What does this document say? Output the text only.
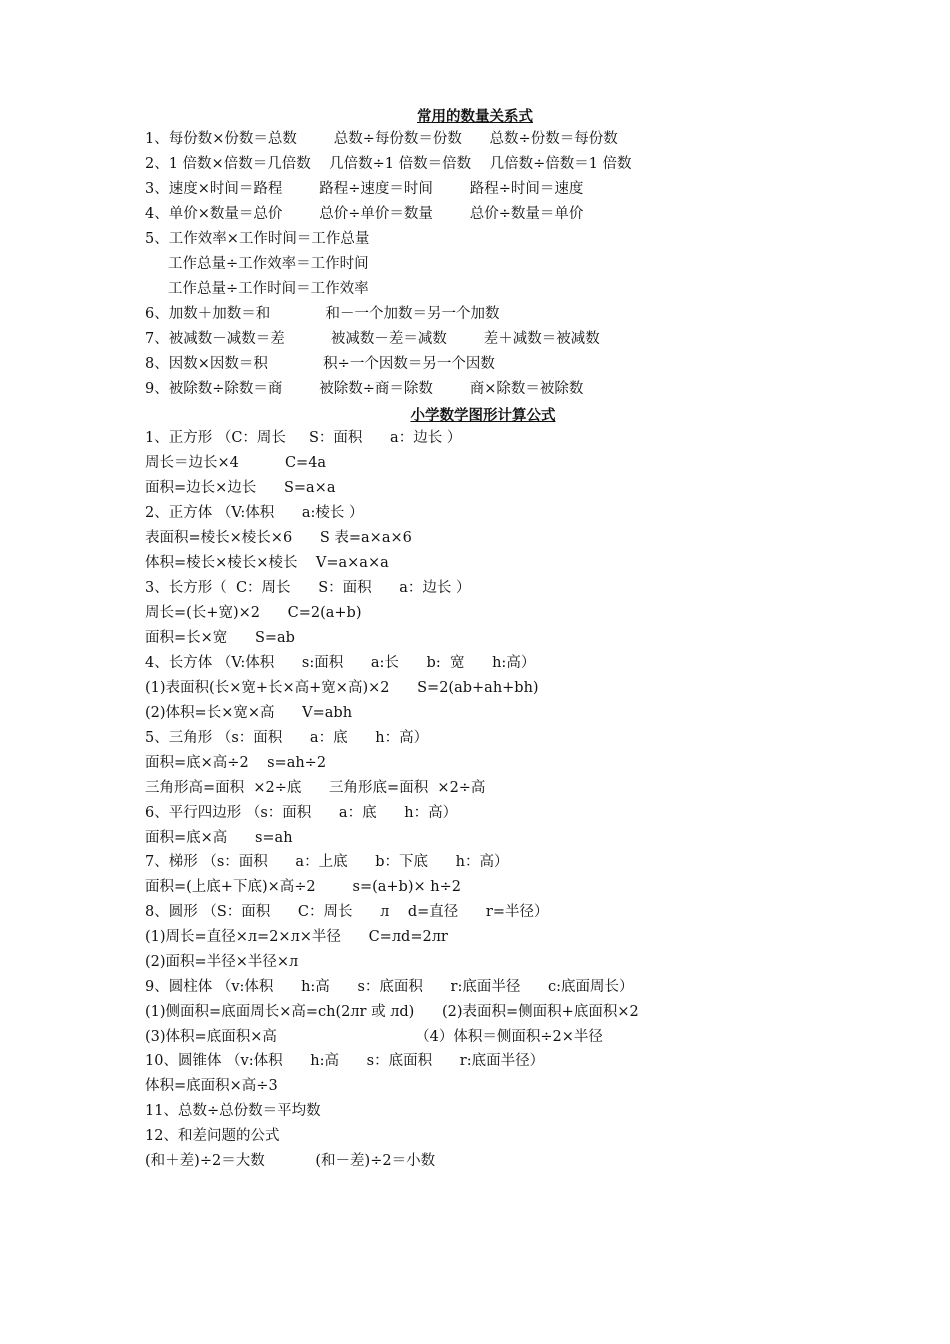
常用的数量关系式
1、每份数×份数＝总数        总数÷每份数＝份数      总数÷份数＝每份数
2、1 倍数×倍数＝几倍数    几倍数÷1 倍数＝倍数    几倍数÷倍数＝1 倍数
3、速度×时间＝路程        路程÷速度＝时间        路程÷时间＝速度
4、单价×数量＝总价        总价÷单价＝数量        总价÷数量＝单价
5、工作效率×工作时间＝工作总量
工作总量÷工作效率＝工作时间
工作总量÷工作时间＝工作效率
6、加数＋加数＝和            和－一个加数＝另一个加数
7、被减数－减数＝差          被减数－差＝减数        差＋减数＝被减数
8、因数×因数＝积            积÷一个因数＝另一个因数
9、被除数÷除数＝商        被除数÷商＝除数        商×除数＝被除数
小学数学图形计算公式
1、正方形 （C：周长     S：面积      a：边长 ）
周长＝边长×4          C=4a
面积=边长×边长      S=a×a
2、正方体 （V:体积      a:棱长 ）
表面积=棱长×棱长×6      S 表=a×a×6
体积=棱长×棱长×棱长    V=a×a×a
3、长方形（  C：周长      S：面积      a：边长 ）
周长=(长+宽)×2      C=2(a+b)
面积=长×宽      S=ab
4、长方体 （V:体积      s:面积      a:长      b:  宽      h:高）
(1)表面积(长×宽+长×高+宽×高)×2      S=2(ab+ah+bh)
(2)体积=长×宽×高      V=abh
5、三角形 （s：面积      a：底      h：高）
面积=底×高÷2    s=ah÷2
三角形高=面积  ×2÷底      三角形底=面积  ×2÷高
6、平行四边形 （s：面积      a：底      h：高）
面积=底×高      s=ah
7、梯形 （s：面积      a：上底      b：下底      h：高）
面积=(上底+下底)×高÷2        s=(a+b)× h÷2
8、圆形 （S：面积      C：周长      л    d=直径      r=半径）
(1)周长=直径×л=2×л×半径      C=лd=2лr
(2)面积=半径×半径×л
9、圆柱体 （v:体积      h:高      s：底面积      r:底面半径      c:底面周长）
(1)侧面积=底面周长×高=ch(2лr 或 лd)      (2)表面积=侧面积+底面积×2
(3)体积=底面积×高                              （4）体积＝侧面积÷2×半径
10、圆锥体 （v:体积      h:高      s：底面积      r:底面半径）
体积=底面积×高÷3
11、总数÷总份数＝平均数
12、和差问题的公式
(和＋差)÷2＝大数           (和－差)÷2＝小数
